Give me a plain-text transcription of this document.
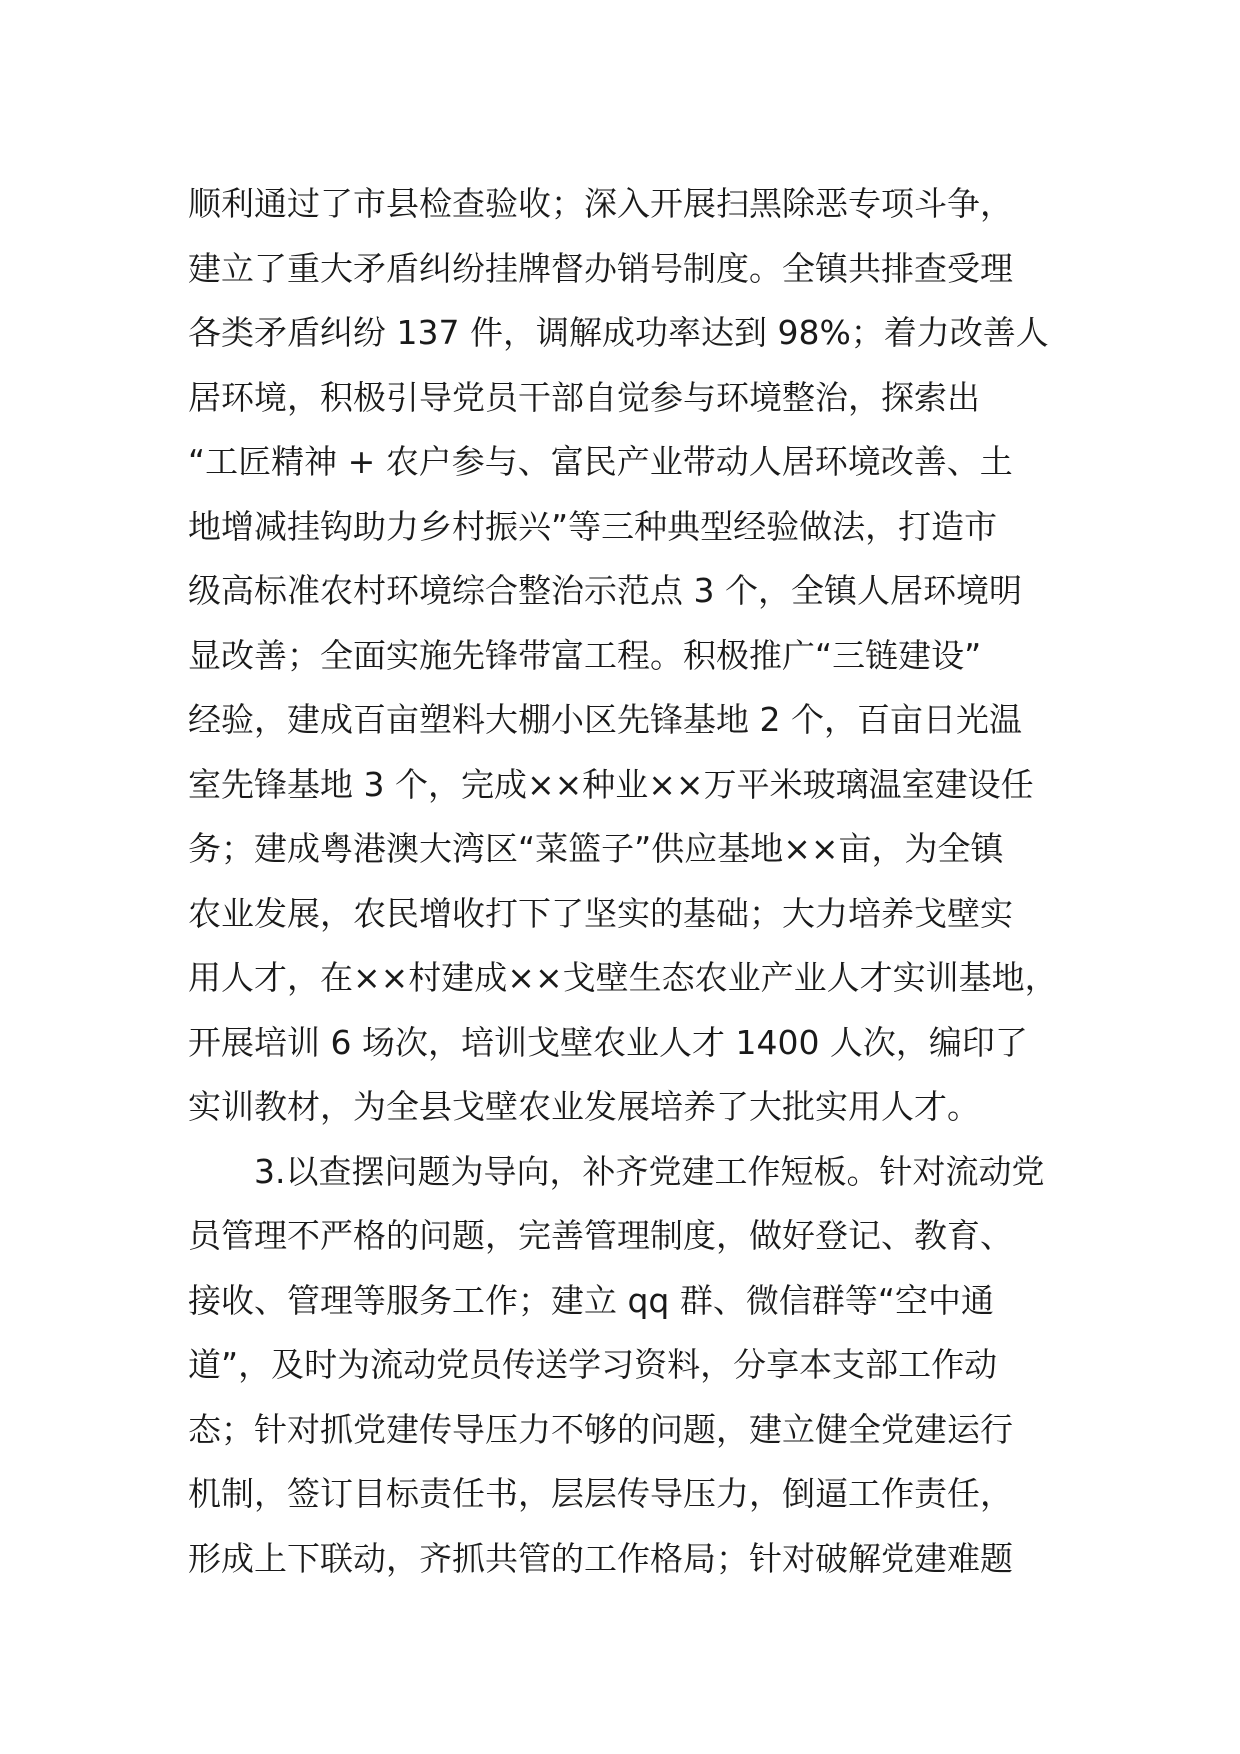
顺利通过了市县检查验收；深入开展扫黑除恶专项斗争，
建立了重大矛盾纠纷挂牌督办销号制度。全镇共排查受理
各类矛盾纠纷 137 件，调解成功率达到 98%；着力改善人
居环境，积极引导党员干部自觉参与环境整治，探索出
“工匠精神 + 农户参与、富民产业带动人居环境改善、土
地增减挂钩助力乡村振兴”等三种典型经验做法，打造市
级高标准农村环境综合整治示范点 3 个，全镇人居环境明
显改善；全面实施先锋带富工程。积极推广“三链建设”
经验，建成百亩塑料大棚小区先锋基地 2 个，百亩日光温
室先锋基地 3 个，完成××种业××万平米玻璃温室建设任
务；建成粤港澳大湾区“菜篮子”供应基地××亩，为全镇
农业发展，农民增收打下了坚实的基础；大力培养戈壁实
用人才，在××村建成××戈壁生态农业产业人才实训基地，
开展培训 6 场次，培训戈壁农业人才 1400 人次，编印了
实训教材，为全县戈壁农业发展培养了大批实用人才。
3.以查摆问题为导向，补齐党建工作短板。针对流动党
员管理不严格的问题，完善管理制度，做好登记、教育、
接收、管理等服务工作；建立 qq 群、微信群等“空中通
道”，及时为流动党员传送学习资料，分享本支部工作动
态；针对抓党建传导压力不够的问题，建立健全党建运行
机制，签订目标责任书，层层传导压力，倒逼工作责任，
形成上下联动，齐抓共管的工作格局；针对破解党建难题
